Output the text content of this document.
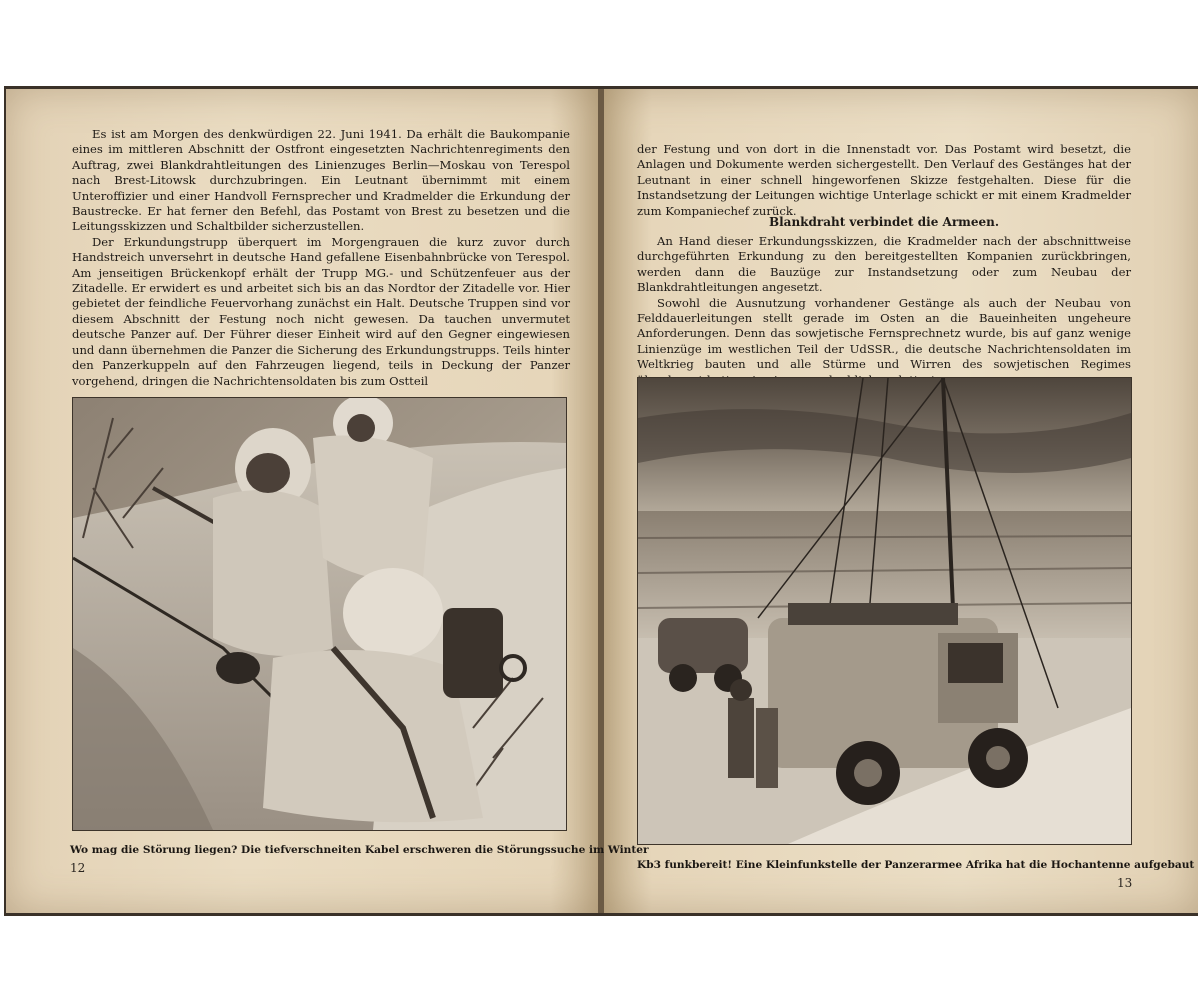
Es ist am Morgen des denkwürdigen 22. Juni 1941. Da erhält die Baukompanie eines im mittleren Abschnitt der Ostfront eingesetzten Nachrichtenregiments den Auftrag, zwei Blankdrahtleitungen des Linienzuges Berlin—Moskau von Terespol nach Brest-Litowsk durchzubringen. Ein Leutnant übernimmt mit einem Unteroffizier und einer Handvoll Fernsprecher und Kradmelder die Erkundung der Baustrecke. Er hat ferner den Befehl, das Postamt von Brest zu besetzen und die Leitungsskizzen und Schaltbilder sicherzustellen.

Der Erkundungstrupp überquert im Morgengrauen die kurz zuvor durch Handstreich unversehrt in deutsche Hand gefallene Eisenbahnbrücke von Terespol. Am jenseitigen Brückenkopf erhält der Trupp MG.- und Schützenfeuer aus der Zitadelle. Er erwidert es und arbeitet sich bis an das Nordtor der Zitadelle vor. Hier gebietet der feindliche Feuervorhang zunächst ein Halt. Deutsche Truppen sind vor diesem Abschnitt der Festung noch nicht gewesen. Da tauchen unvermutet deutsche Panzer auf. Der Führer dieser Einheit wird auf den Gegner eingewiesen und dann übernehmen die Panzer die Sicherung des Erkundungstrupps. Teils hinter den Panzerkuppeln auf den Fahrzeugen liegend, teils in Deckung der Panzer vorgehend, dringen die Nachrichtensoldaten bis zum Ostteil

Wo mag die Störung liegen? Die tiefverschneiten Kabel erschweren die Störungssuche im Winter
12

der Festung und von dort in die Innenstadt vor. Das Postamt wird besetzt, die Anlagen und Dokumente werden sichergestellt. Den Verlauf des Gestänges hat der Leutnant in einer schnell hingeworfenen Skizze festgehalten. Diese für die Instandsetzung der Leitungen wichtige Unterlage schickt er mit einem Kradmelder zum Kompaniechef zurück.

Blankdraht verbindet die Armeen.

An Hand dieser Erkundungsskizzen, die Kradmelder nach der abschnittweise durchgeführten Erkundung zu den bereitgestellten Kompanien zurückbringen, werden dann die Bauzüge zur Instandsetzung oder zum Neubau der Blankdrahtleitungen angesetzt.

Sowohl die Ausnutzung vorhandener Gestänge als auch der Neubau von Felddauerleitungen stellt gerade im Osten an die Baueinheiten ungeheure Anforderungen. Denn das sowjetische Fernsprechnetz wurde, bis auf ganz wenige Linienzüge im westlichen Teil der UdSSR., die deutsche Nachrichtensoldaten im Weltkrieg bauten und alle Stürme und Wirren des sowjetischen Regimes

Kb3 funkbereit! Eine Kleinfunkstelle der Panzerarmee Afrika hat die Hochantenne aufgebaut
13
